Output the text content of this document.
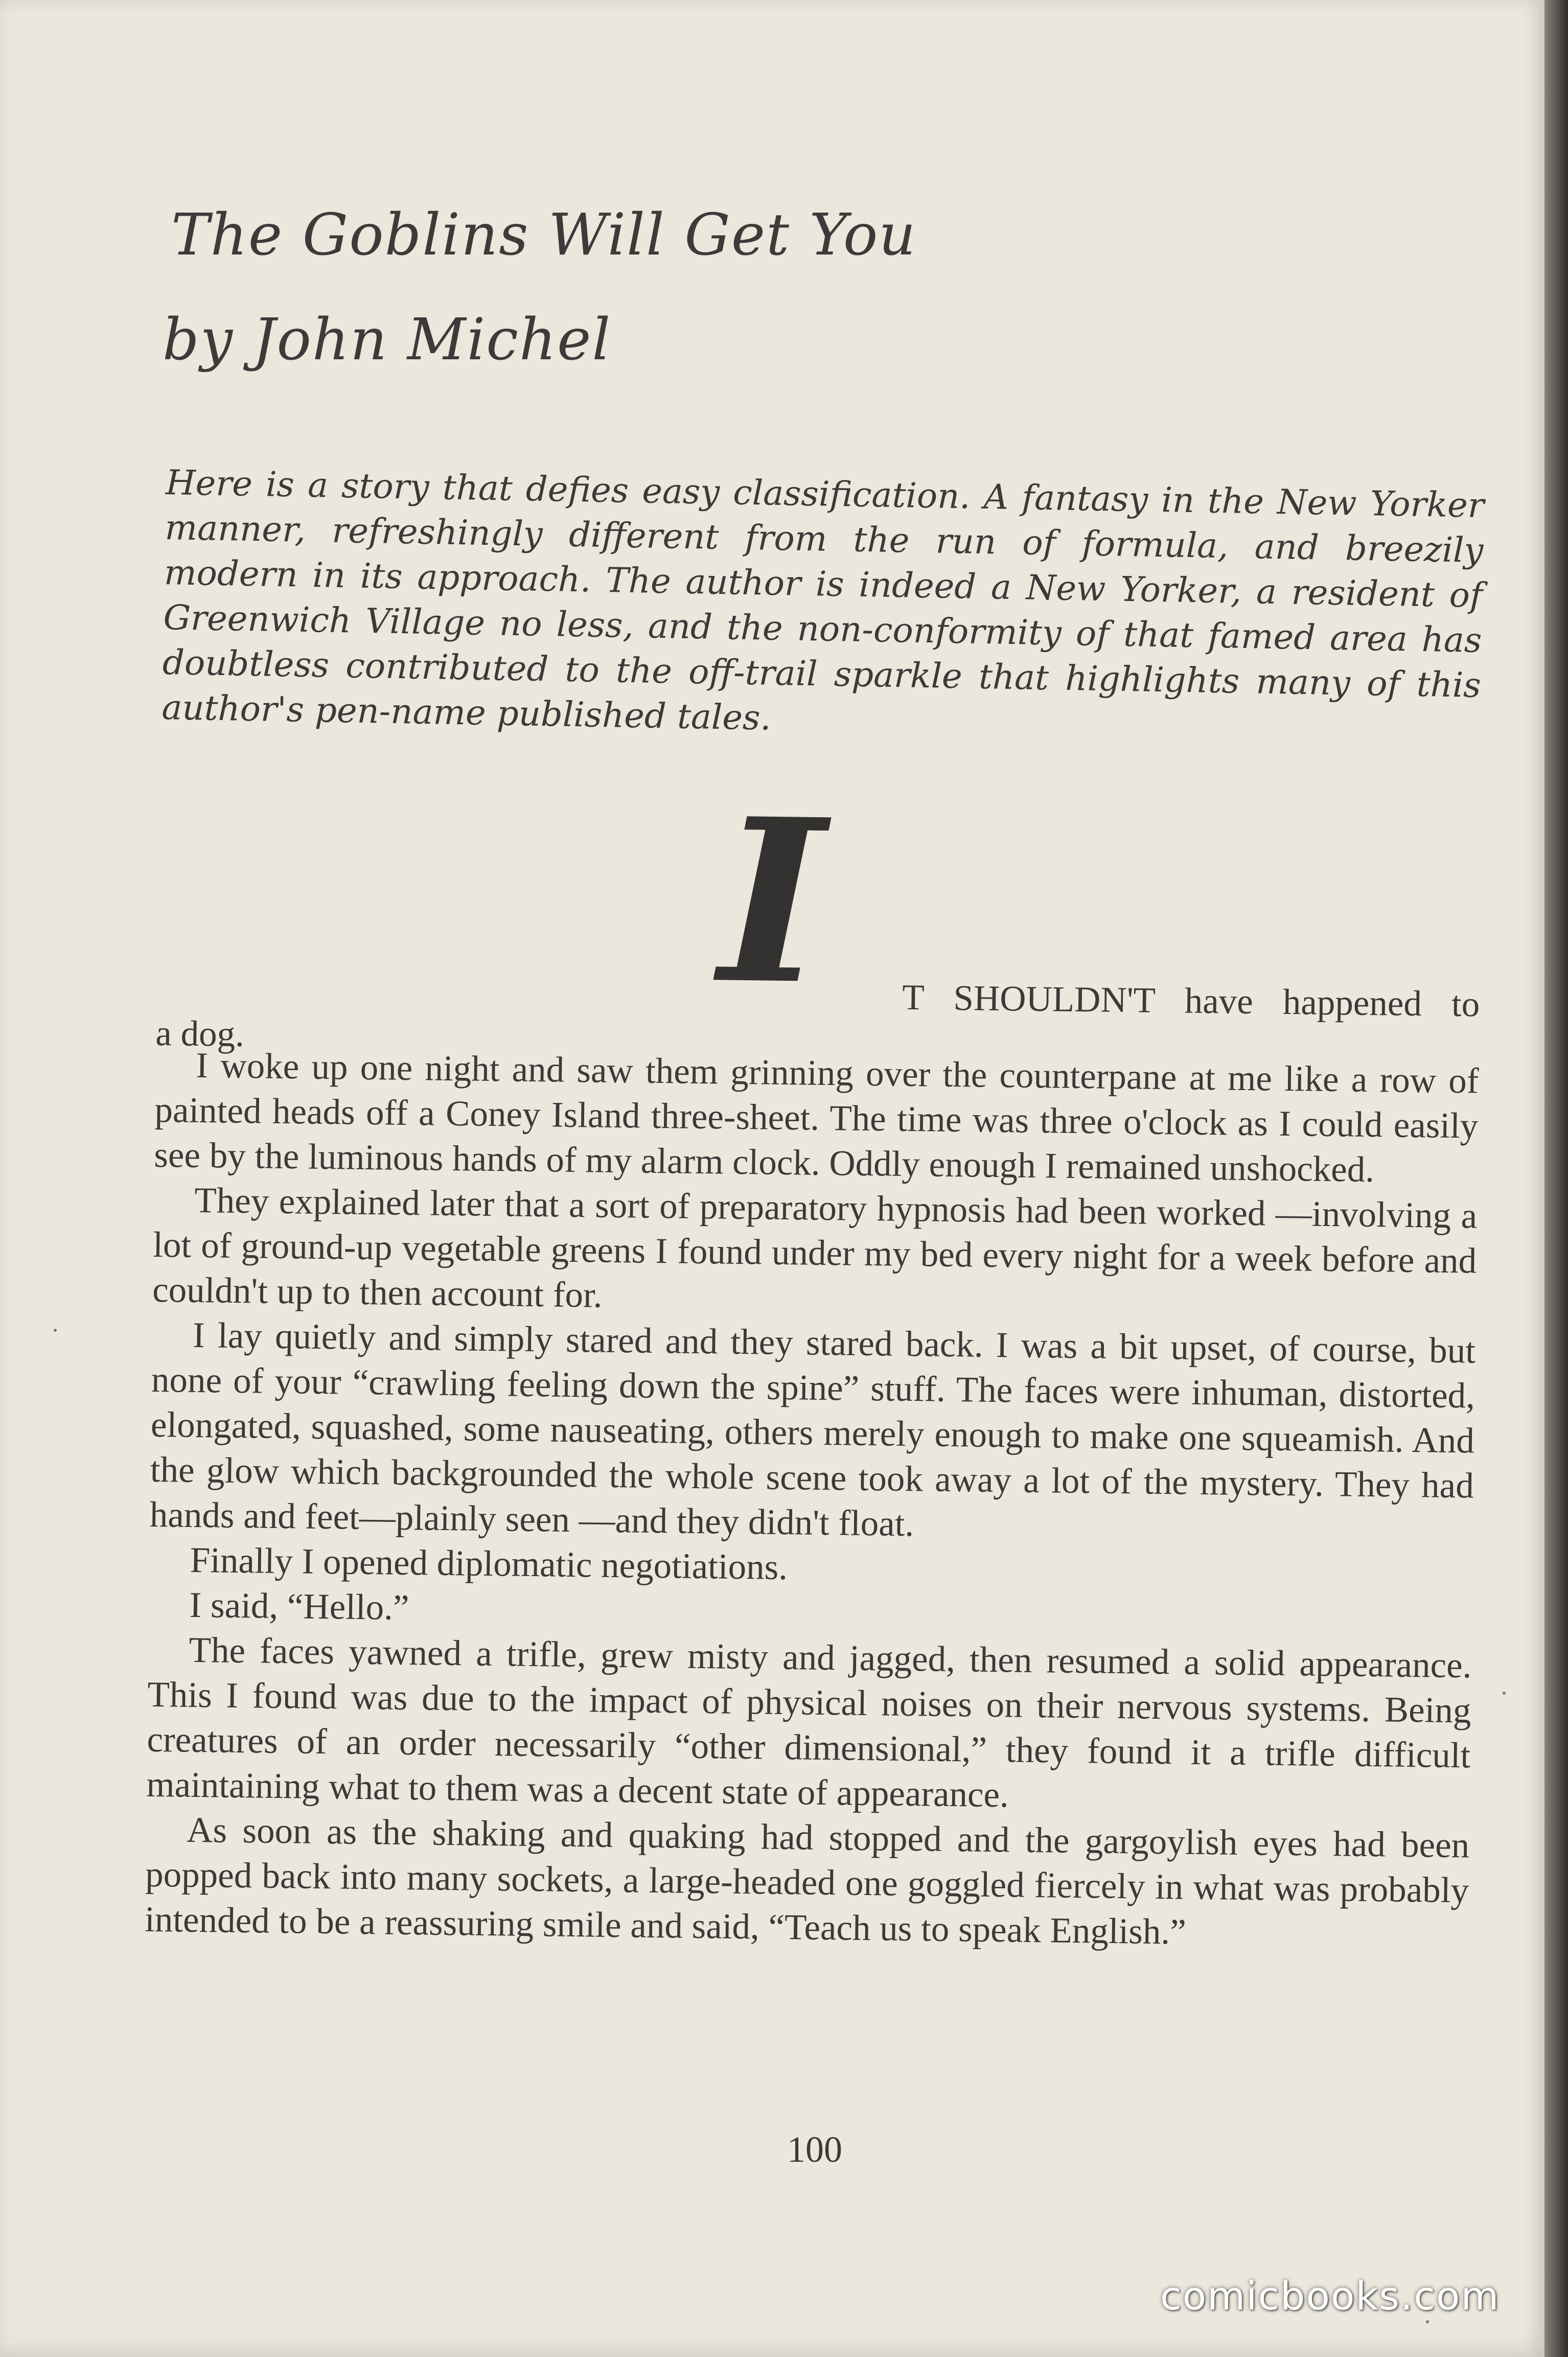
The Goblins Will Get You
by John Michel
Here is a story that defies easy classification. A fantasy in the New Yorker manner, refreshingly different from the run of formula, and breezily modern in its approach. The author is indeed a New Yorker, a resident of Greenwich Village no less, and the non-conformity of that famed area has doubtless contributed to the off-trail sparkle that highlights many of this author's pen-name published tales.
I T SHOULDN'T have happened to
a dog.

I woke up one night and saw them grinning over the counterpane at me like a row of painted heads off a Coney Island three-sheet. The time was three o'clock as I could easily see by the luminous hands of my alarm clock. Oddly enough I remained unshocked.

They explained later that a sort of preparatory hypnosis had been worked —involving a lot of ground-up vegetable greens I found under my bed every night for a week before and couldn't up to then account for.

I lay quietly and simply stared and they stared back. I was a bit upset, of course, but none of your “crawling feeling down the spine” stuff. The faces were inhuman, distorted, elongated, squashed, some nauseating, others merely enough to make one squeamish. And the glow which backgrounded the whole scene took away a lot of the mystery. They had hands and feet—plainly seen —and they didn't float.

Finally I opened diplomatic negotiations.

I said, “Hello.”

The faces yawned a trifle, grew misty and jagged, then resumed a solid appearance. This I found was due to the impact of physical noises on their nervous systems. Being creatures of an order necessarily “other dimensional,” they found it a trifle difficult maintaining what to them was a decent state of appearance.

As soon as the shaking and quaking had stopped and the gargoylish eyes had been popped back into many sockets, a large-headed one goggled fiercely in what was probably intended to be a reassuring smile and said, “Teach us to speak English.”

100
comicbooks.com
